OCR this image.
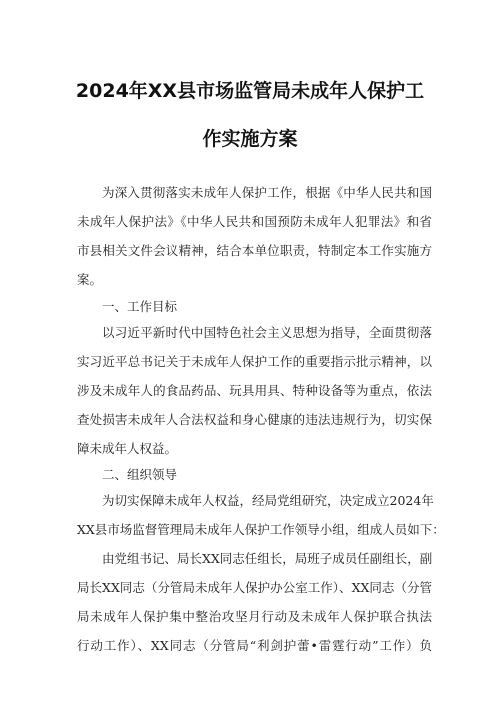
2024年XX县市场监管局未成年人保护工
作实施方案
为深入贯彻落实未成年人保护工作，根据《中华人民共和国
未成年人保护法》《中华人民共和国预防未成年人犯罪法》和省
市县相关文件会议精神，结合本单位职责，特制定本工作实施方
案。
一、工作目标
以习近平新时代中国特色社会主义思想为指导，全面贯彻落
实习近平总书记关于未成年人保护工作的重要指示批示精神，以
涉及未成年人的食品药品、玩具用具、特种设备等为重点，依法
查处损害未成年人合法权益和身心健康的违法违规行为，切实保
障未成年人权益。
二、组织领导
为切实保障未成年人权益，经局党组研究，决定成立2024年
XX县市场监督管理局未成年人保护工作领导小组，组成人员如下：
由党组书记、局长XX同志任组长，局班子成员任副组长，副
局长XX同志（分管局未成年人保护办公室工作）、XX同志（分管
局未成年人保护集中整治攻坚月行动及未成年人保护联合执法
行动工作）、XX同志（分管局“利剑护蕾•雷霆行动”工作）负
